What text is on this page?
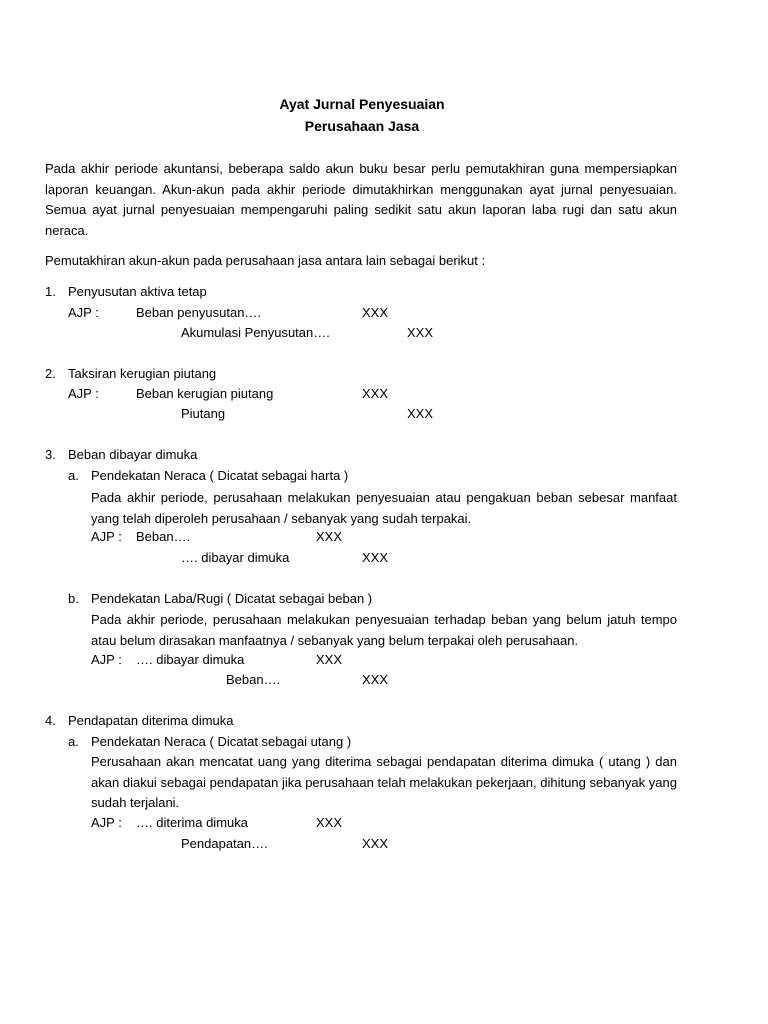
Ayat Jurnal Penyesuaian
Perusahaan Jasa
Pada akhir periode akuntansi, beberapa saldo akun buku besar perlu pemutakhiran guna mempersiapkan laporan keuangan. Akun-akun pada akhir periode dimutakhirkan menggunakan ayat jurnal penyesuaian. Semua ayat jurnal penyesuaian mempengaruhi paling sedikit satu akun laporan laba rugi dan satu akun neraca.
Pemutakhiran akun-akun pada perusahaan jasa antara lain sebagai berikut :
1. Penyusutan aktiva tetap
AJP :	Beban penyusutan….	XXX
Akumulasi Penyusutan….	XXX
2. Taksiran kerugian piutang
AJP :	Beban kerugian piutang	XXX
Piutang	XXX
3. Beban dibayar dimuka
a. Pendekatan Neraca ( Dicatat sebagai harta )
Pada akhir periode, perusahaan melakukan penyesuaian atau pengakuan beban sebesar manfaat yang telah diperoleh perusahaan / sebanyak yang sudah terpakai.
AJP : Beban….	XXX
…. dibayar dimuka	XXX
b. Pendekatan Laba/Rugi ( Dicatat sebagai beban )
Pada akhir periode, perusahaan melakukan penyesuaian terhadap beban yang belum jatuh tempo atau belum dirasakan manfaatnya / sebanyak yang belum terpakai oleh perusahaan.
AJP : …. dibayar dimuka	XXX
Beban….	XXX
4. Pendapatan diterima dimuka
a. Pendekatan Neraca ( Dicatat sebagai utang )
Perusahaan akan mencatat uang yang diterima sebagai pendapatan diterima dimuka ( utang ) dan akan diakui sebagai pendapatan jika perusahaan telah melakukan pekerjaan, dihitung sebanyak yang sudah terjalani.
AJP : …. diterima dimuka	XXX
Pendapatan….	XXX
